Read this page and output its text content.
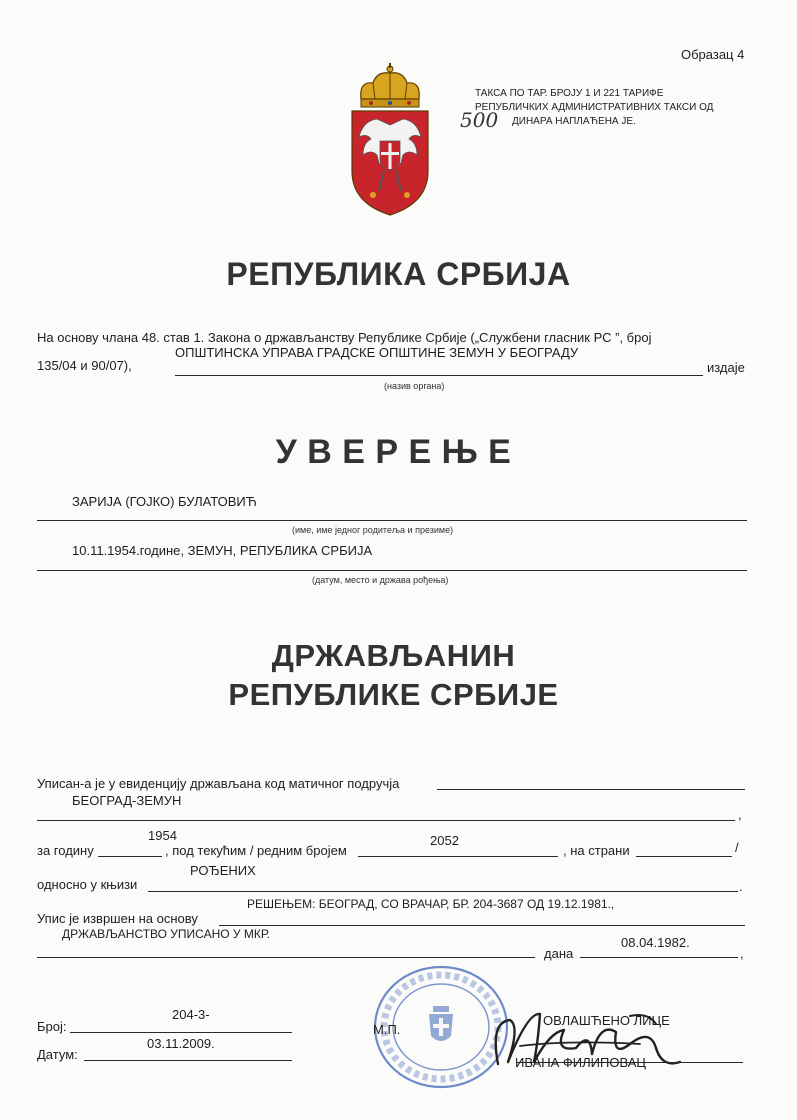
Образац 4
ТАКСА ПО ТАР. БРОЈУ 1 И 221 ТАРИФЕ
РЕПУБЛИЧКИХ АДМИНИСТРАТИВНИХ ТАКСИ ОД
500 ДИНАРА НАПЛАЋЕНА ЈЕ.
РЕПУБЛИКА СРБИЈА
На основу члана 48. став 1. Закона о држављанству Републике Србије („Службени гласник РС ”, број
135/04 и 90/07),
ОПШТИНСКА УПРАВА ГРАДСКЕ ОПШТИНЕ ЗЕМУН У БЕОГРАДУ
издаје
(назив органа)
У В Е Р Е Њ Е
ЗАРИЈА (ГОЈКО) БУЛАТОВИЋ
(име, име једног родитеља и презиме)
10.11.1954.године, ЗЕМУН, РЕПУБЛИКА СРБИЈА
(датум, место и држава рођења)
ДРЖАВЉАНИН
РЕПУБЛИКЕ СРБИЈЕ
Уписан-а је у евиденцију држављана код матичног подручја
БЕОГРАД-ЗЕМУН
,
за годину
1954
, под текућим / редним бројем
2052
, на страни	/
РОЂЕНИХ
односно у књизи	.
РЕШЕЊЕМ: БЕОГРАД, СО ВРАЧАР, БР. 204-3687 ОД 19.12.1981.,
Упис је извршен на основу
ДРЖАВЉАНСТВО УПИСАНО У МКР.
08.04.1982.
дана	,
Број:
204-3-
Датум:
03.11.2009.
М.П.
ОВЛАШЋЕНО ЛИЦЕ
ИВАНА ФИЛИПОВАЦ
